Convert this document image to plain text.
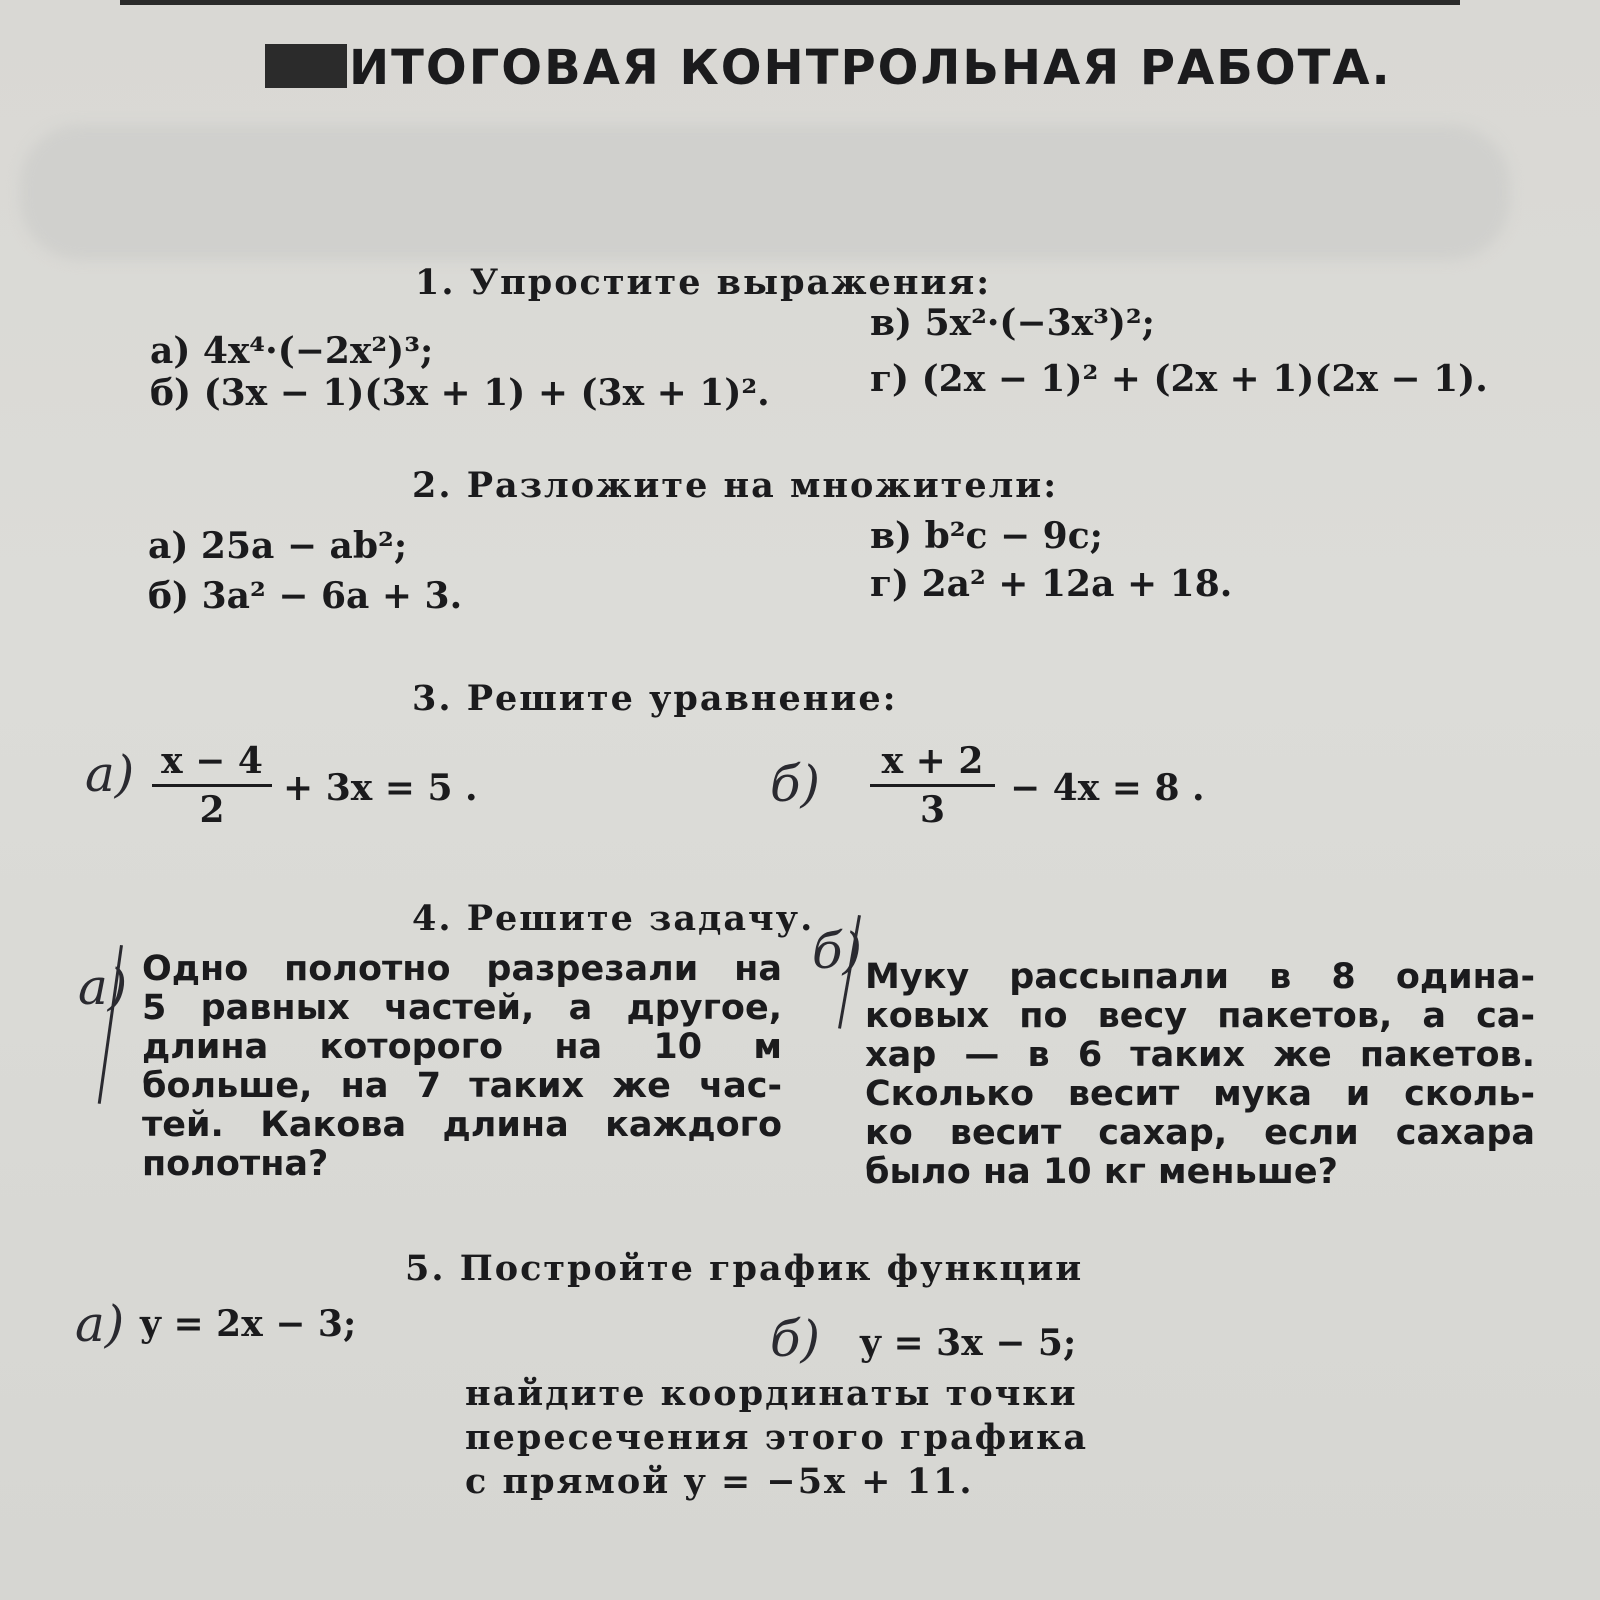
ИТОГОВАЯ КОНТРОЛЬНАЯ РАБОТА.
1. Упростите выражения:
а) 4x⁴·(−2x²)³;
б) (3x − 1)(3x + 1) + (3x + 1)².
в) 5x²·(−3x³)²;
г) (2x − 1)² + (2x + 1)(2x − 1).
2. Разложите на множители:
а) 25a − ab²;
б) 3a² − 6a + 3.
в) b²c − 9c;
г) 2a² + 12a + 18.
3. Решите уравнение:
а) x − 4
2
+ 3x = 5 .	б)	x + 2
3
− 4x = 8 .
4. Решите задачу.
а) Одно полотно разрезали на
5 равных частей, а другое,
длина которого на 10 м
больше, на 7 таких же час-
тей. Какова длина каждого
полотна?
б) Муку рассыпали в 8 одина-
ковых по весу пакетов, а са-
хар — в 6 таких же пакетов.
Сколько весит мука и сколь-
ко весит сахар, если сахара
было на 10 кг меньше?
5. Постройте график функции
а) y = 2x − 3;	б) y = 3x − 5;
найдите координаты точки
пересечения этого графика
с прямой y = −5x + 11.
